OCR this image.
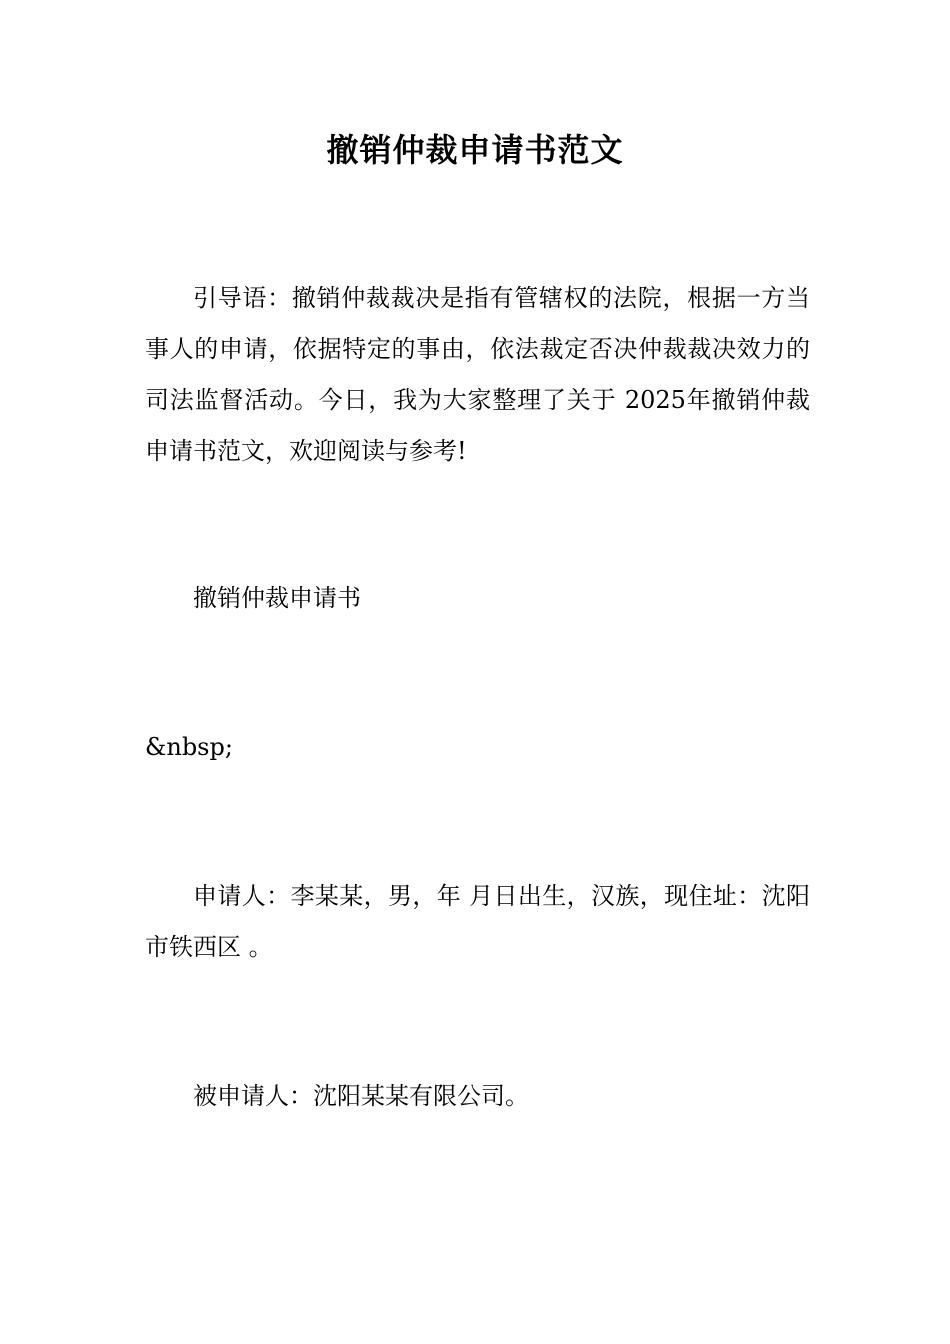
撤销仲裁申请书范文

引导语：撤销仲裁裁决是指有管辖权的法院，根据一方当事人的申请，依据特定的事由，依法裁定否决仲裁裁决效力的司法监督活动。今日，我为大家整理了关于 2025年撤销仲裁申请书范文，欢迎阅读与参考!

撤销仲裁申请书

&nbsp;

申请人：李某某，男，年 月日出生，汉族，现住址：沈阳市铁西区 。

被申请人：沈阳某某有限公司。
